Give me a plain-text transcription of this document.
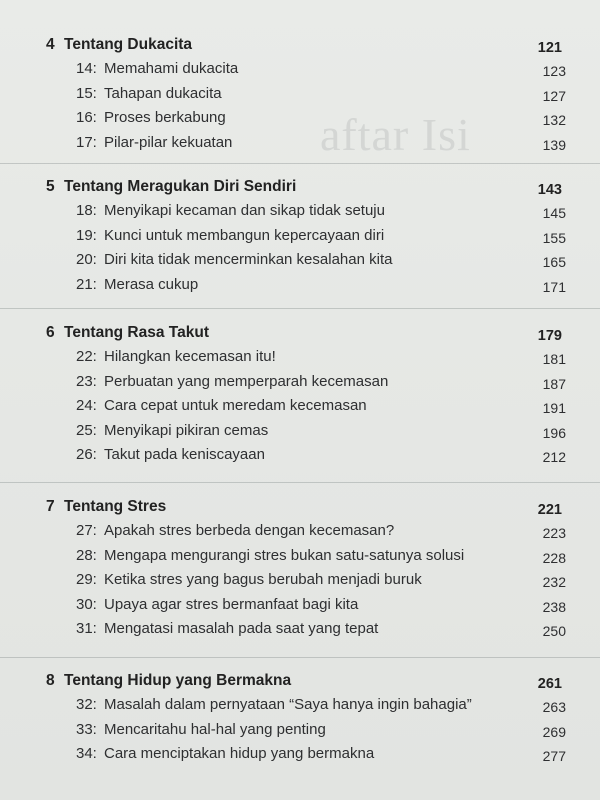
aftar Isi
4 Tentang Dukacita	121
14: Memahami dukacita	123
15: Tahapan dukacita	127
16: Proses berkabung	132
17: Pilar-pilar kekuatan	139
5 Tentang Meragukan Diri Sendiri	143
18: Menyikapi kecaman dan sikap tidak setuju	145
19: Kunci untuk membangun kepercayaan diri	155
20: Diri kita tidak mencerminkan kesalahan kita	165
21: Merasa cukup	171
6 Tentang Rasa Takut	179
22: Hilangkan kecemasan itu!	181
23: Perbuatan yang memperparah kecemasan	187
24: Cara cepat untuk meredam kecemasan	191
25: Menyikapi pikiran cemas	196
26: Takut pada keniscayaan	212
7 Tentang Stres	221
27: Apakah stres berbeda dengan kecemasan?	223
28: Mengapa mengurangi stres bukan satu-satunya solusi	228
29: Ketika stres yang bagus berubah menjadi buruk	232
30: Upaya agar stres bermanfaat bagi kita	238
31: Mengatasi masalah pada saat yang tepat	250
8 Tentang Hidup yang Bermakna	261
32: Masalah dalam pernyataan “Saya hanya ingin bahagia”	263
33: Mencaritahu hal-hal yang penting	269
34: Cara menciptakan hidup yang bermakna	277
